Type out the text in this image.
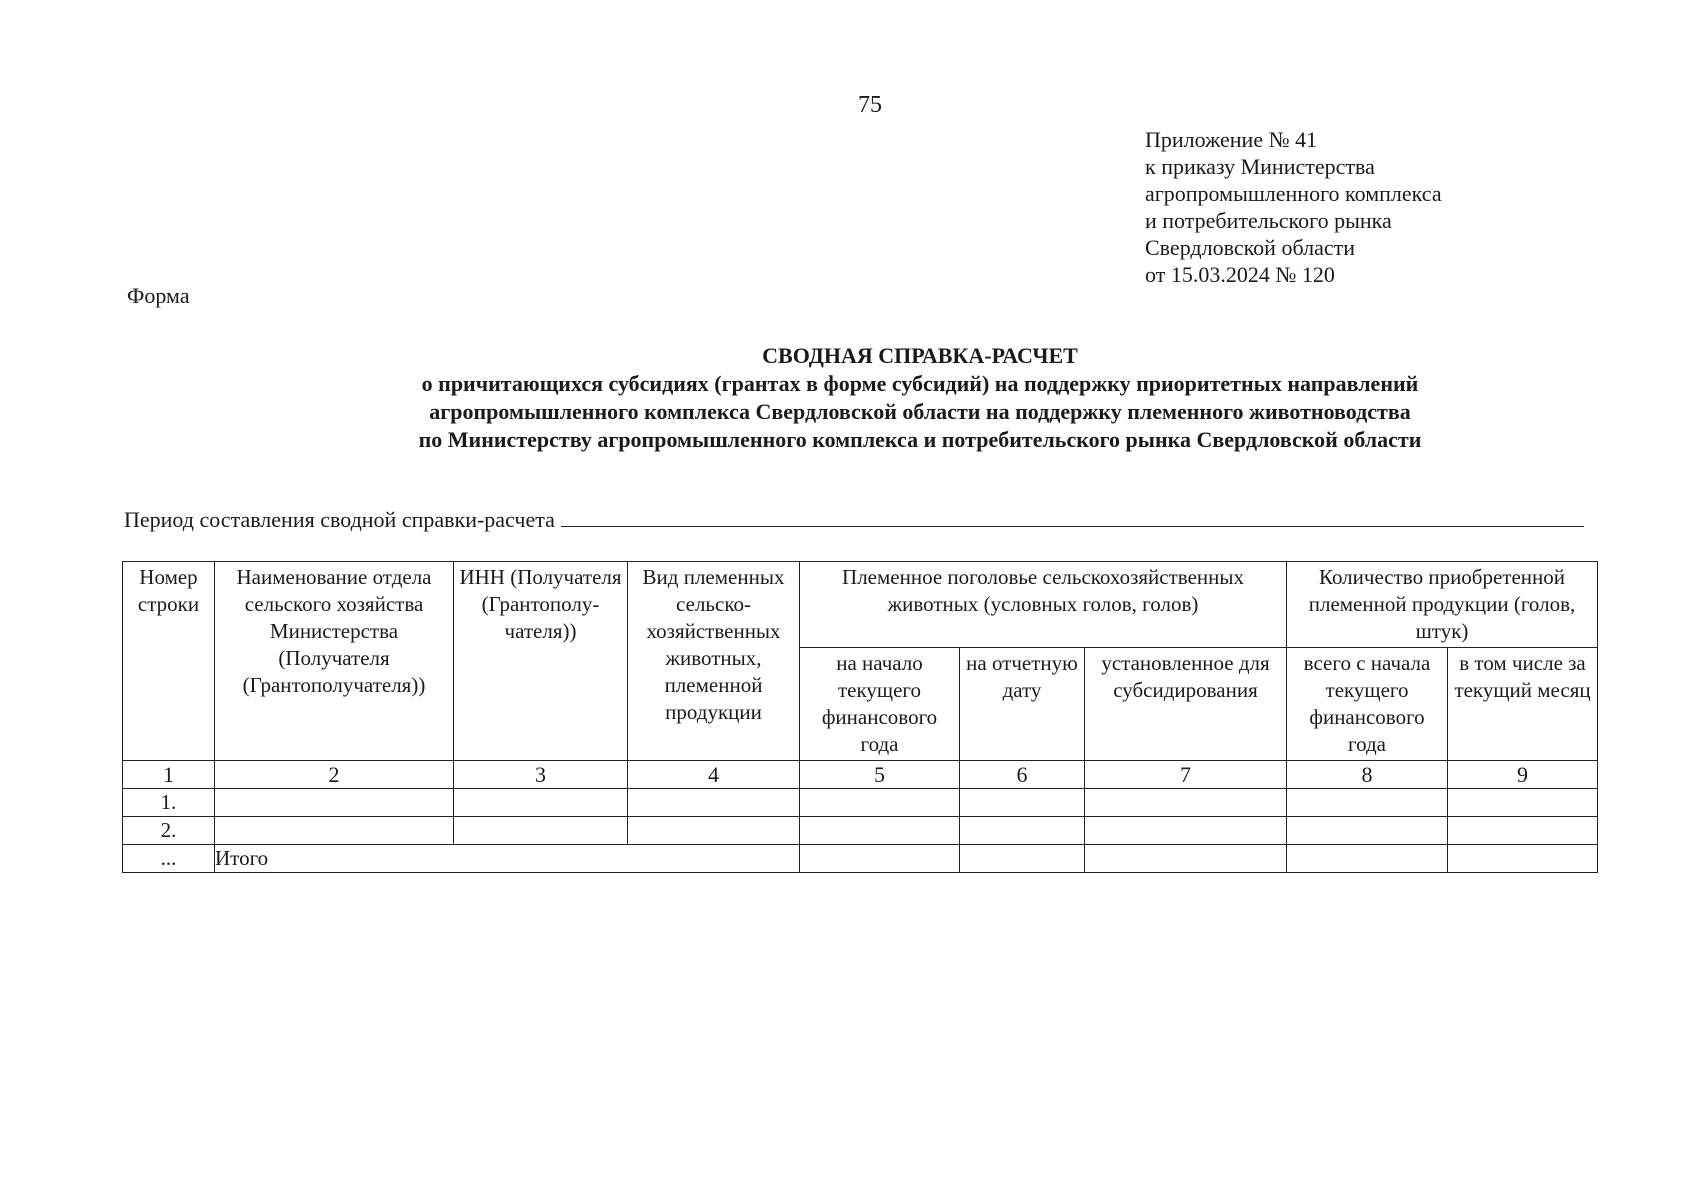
75
Приложение № 41
к приказу Министерства
агропромышленного комплекса
и потребительского рынка
Свердловской области
от 15.03.2024 № 120
Форма
СВОДНАЯ СПРАВКА-РАСЧЕТ
о причитающихся субсидиях (грантах в форме субсидий) на поддержку приоритетных направлений
агропромышленного комплекса Свердловской области на поддержку племенного животноводства
по Министерству агропромышленного комплекса и потребительского рынка Свердловской области
Период составления сводной справки-расчета
Номер строки	Наименование отдела сельского хозяйства Министерства (Получателя (Грантополучателя))	ИНН (Получателя (Грантополу-чателя))	Вид племенных сельско-хозяйственных животных, племенной продукции	Племенное поголовье сельскохозяйственных животных (условных голов, голов)			Количество приобретенной племенной продукции (голов, штук)	
				на начало текущего финансового года	на отчетную дату	установленное для субсидирования	всего с начала текущего финансового года	в том числе за текущий месяц
1	2	3	4	5	6	7	8	9
1.								
2.								
...	Итого							
